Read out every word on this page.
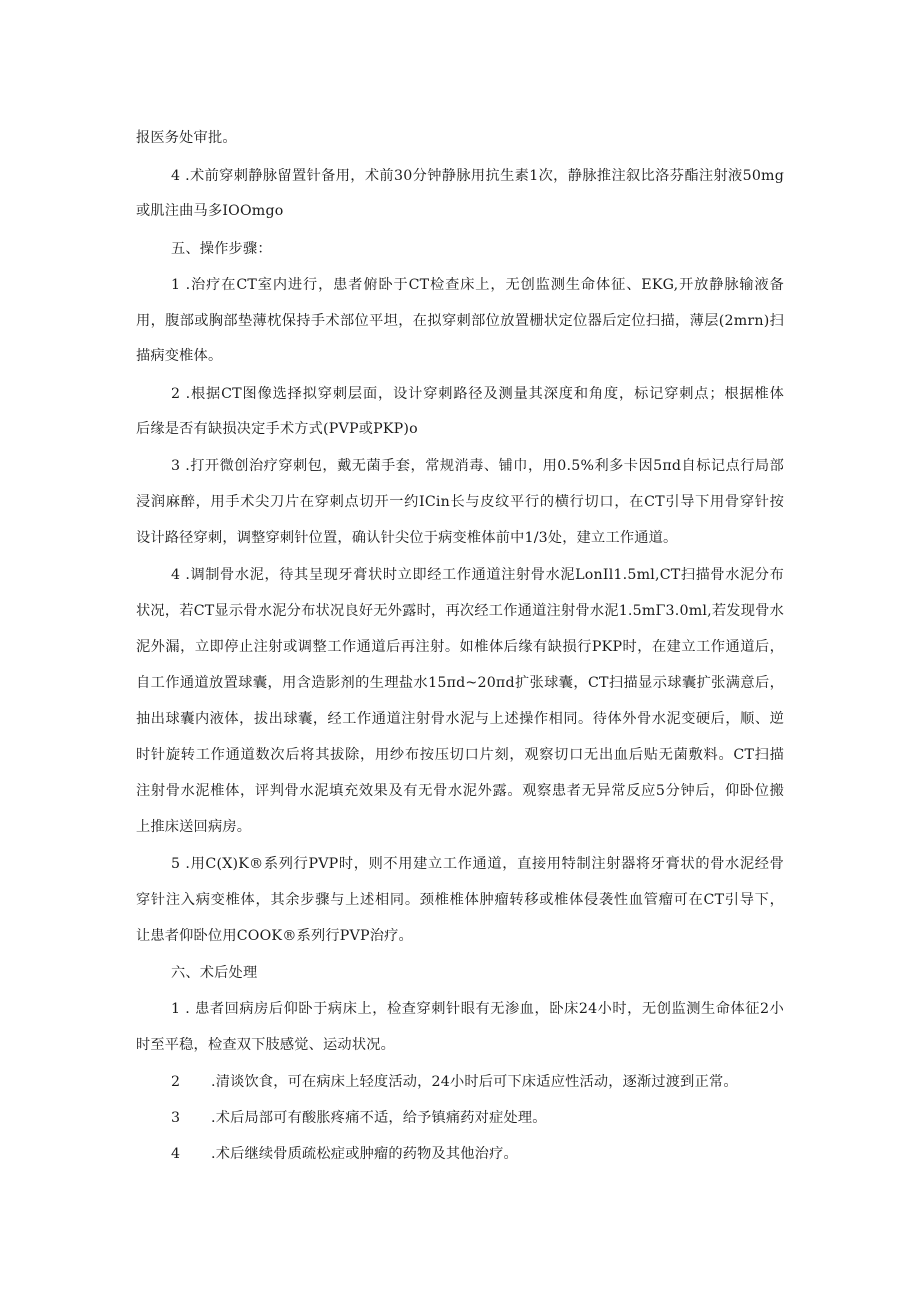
报医务处审批。
4 .术前穿刺静脉留置针备用，术前30分钟静脉用抗生素1次，静脉推注叙比洛芬酯注射液50mg
或肌注曲马多IOOmgo
五、操作步骤：
1 .治疗在CT室内进行，患者俯卧于CT检查床上，无创监测生命体征、EKG,开放静脉输液备
用，腹部或胸部垫薄枕保持手术部位平坦，在拟穿刺部位放置栅状定位器后定位扫描，薄层(2mrn)扫
描病变椎体。
2 .根据CT图像选择拟穿刺层面，设计穿刺路径及测量其深度和角度，标记穿刺点；根据椎体
后缘是否有缺损决定手术方式(PVP或PKP)o
3 .打开微创治疗穿刺包，戴无菌手套，常规消毒、铺巾，用0.5%利多卡因5πd自标记点行局部
浸润麻醉，用手术尖刀片在穿刺点切开一约ICin长与皮纹平行的横行切口，在CT引导下用骨穿针按
设计路径穿刺，调整穿刺针位置，确认针尖位于病变椎体前中1/3处，建立工作通道。
4 .调制骨水泥，待其呈现牙膏状时立即经工作通道注射骨水泥LonIl1.5ml,CT扫描骨水泥分布
状况，若CT显示骨水泥分布状况良好无外露时，再次经工作通道注射骨水泥1.5mΓ3.0ml,若发现骨水
泥外漏，立即停止注射或调整工作通道后再注射。如椎体后缘有缺损行PKP时，在建立工作通道后，
自工作通道放置球囊，用含造影剂的生理盐水15πd~20πd扩张球囊，CT扫描显示球囊扩张满意后，
抽出球囊内液体，拔出球囊，经工作通道注射骨水泥与上述操作相同。待体外骨水泥变硬后，顺、逆
时针旋转工作通道数次后将其拔除，用纱布按压切口片刻，观察切口无出血后贴无菌敷料。CT扫描
注射骨水泥椎体，评判骨水泥填充效果及有无骨水泥外露。观察患者无异常反应5分钟后，仰卧位搬
上推床送回病房。
5 .用C(X)K®系列行PVP时，则不用建立工作通道，直接用特制注射器将牙膏状的骨水泥经骨
穿针注入病变椎体，其余步骤与上述相同。颈椎椎体肿瘤转移或椎体侵袭性血管瘤可在CT引导下，
让患者仰卧位用COOK®系列行PVP治疗。
六、术后处理
1 . 患者回病房后仰卧于病床上，检查穿刺针眼有无渗血，卧床24小时，无创监测生命体征2小
时至平稳，检查双下肢感觉、运动状况。
2 .清谈饮食，可在病床上轻度活动，24小时后可下床适应性活动，逐渐过渡到正常。
3 .术后局部可有酸胀疼痛不适，给予镇痛药对症处理。
4 .术后继续骨质疏松症或肿瘤的药物及其他治疗。
